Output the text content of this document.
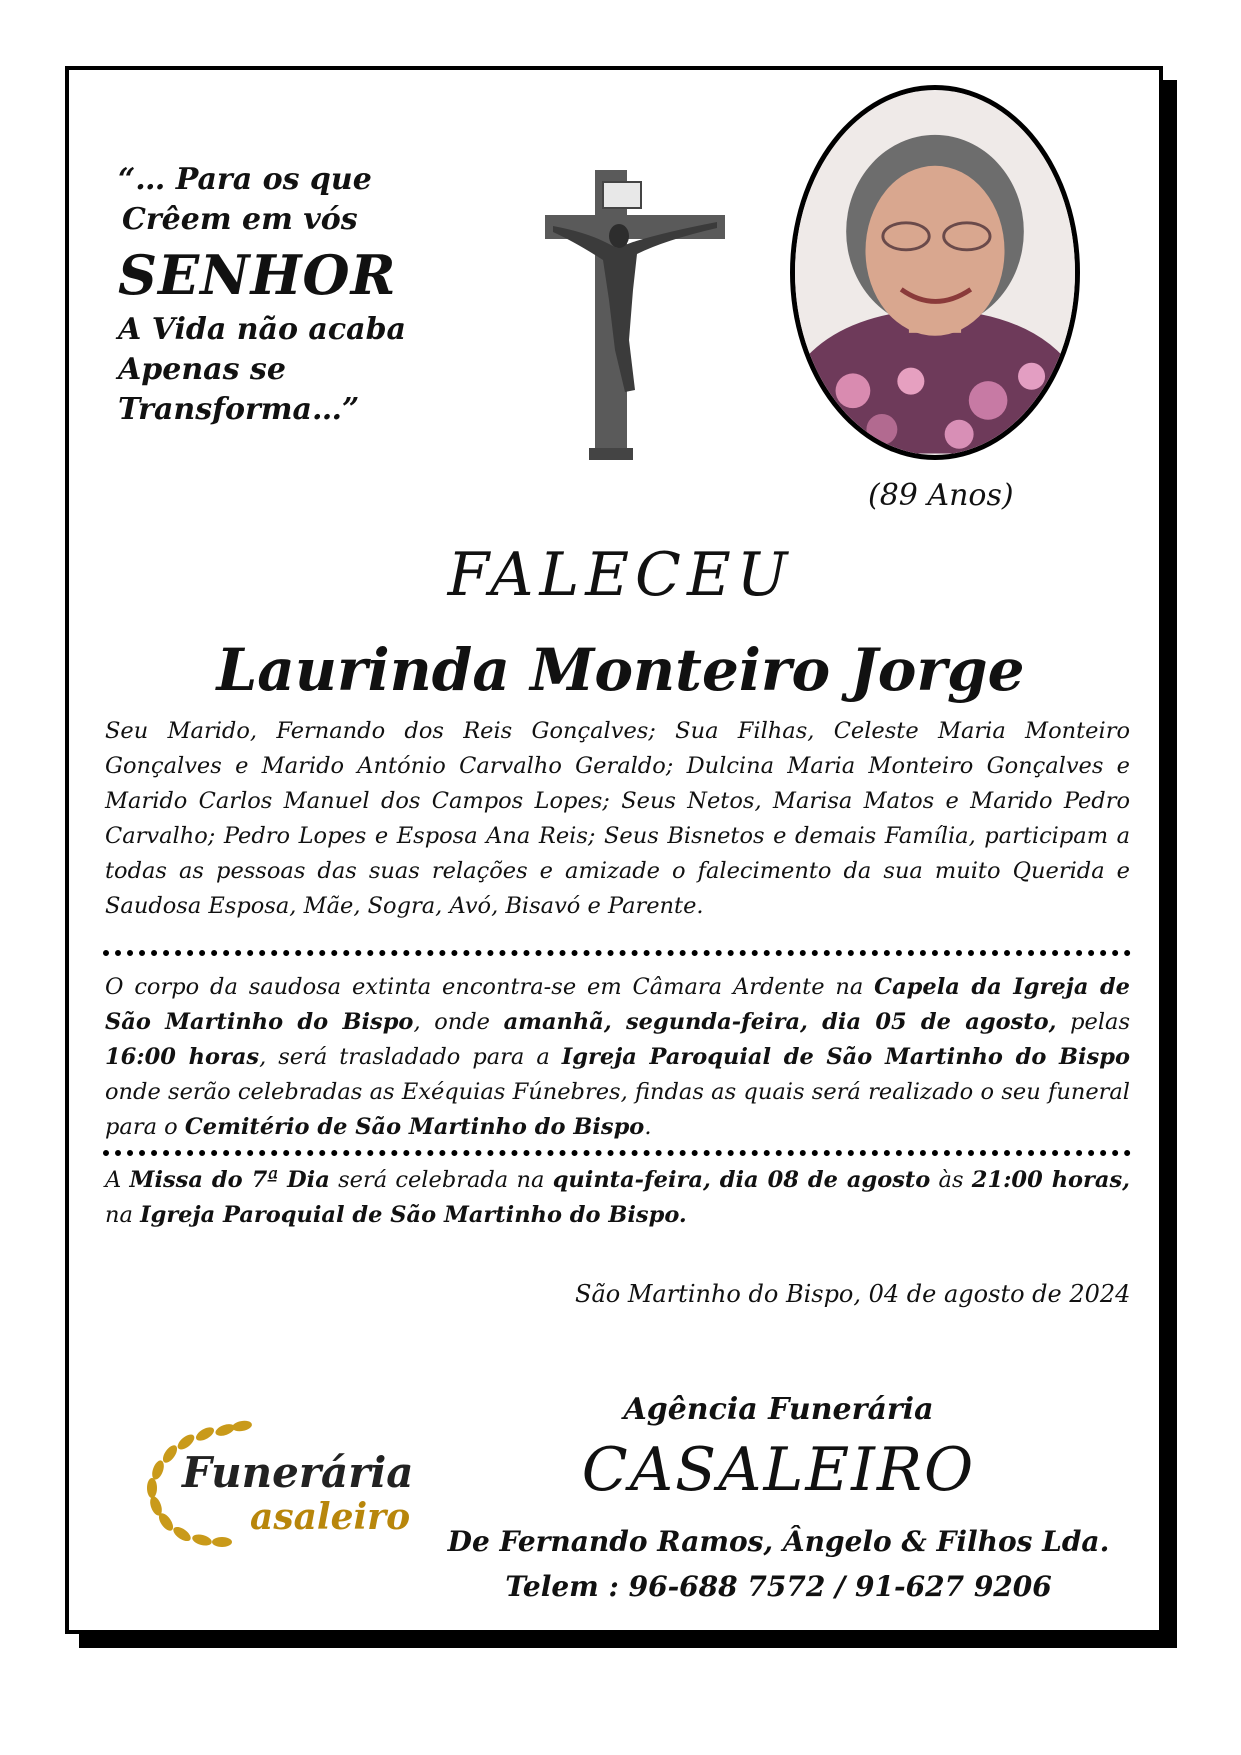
“… Para os que
Crêem em vós
SENHOR
A Vida não acaba
Apenas se Transforma…”
(89 Anos)
FALECEU
Laurinda Monteiro Jorge
Seu Marido, Fernando dos Reis Gonçalves; Sua Filhas, Celeste Maria Monteiro Gonçalves e Marido António Carvalho Geraldo; Dulcina Maria Monteiro Gonçalves e Marido Carlos Manuel dos Campos Lopes; Seus Netos, Marisa Matos e Marido Pedro Carvalho; Pedro Lopes e Esposa Ana Reis; Seus Bisnetos e demais Família, participam a todas as pessoas das suas relações e amizade o falecimento da sua muito Querida e Saudosa Esposa, Mãe, Sogra, Avó, Bisavó e Parente.
O corpo da saudosa extinta encontra-se em Câmara Ardente na Capela da Igreja de São Martinho do Bispo, onde amanhã, segunda-feira, dia 05 de agosto, pelas 16:00 horas, será trasladado para a Igreja Paroquial de São Martinho do Bispo onde serão celebradas as Exéquias Fúnebres, findas as quais será realizado o seu funeral para o Cemitério de São Martinho do Bispo.
A Missa do 7ª Dia será celebrada na quinta-feira, dia 08 de agosto às 21:00 horas, na Igreja Paroquial de São Martinho do Bispo.
São Martinho do Bispo, 04 de agosto de 2024
Funerária
asaleiro
Agência Funerária
CASALEIRO
De Fernando Ramos, Ângelo & Filhos Lda.
Telem : 96-688 7572 / 91-627 9206
